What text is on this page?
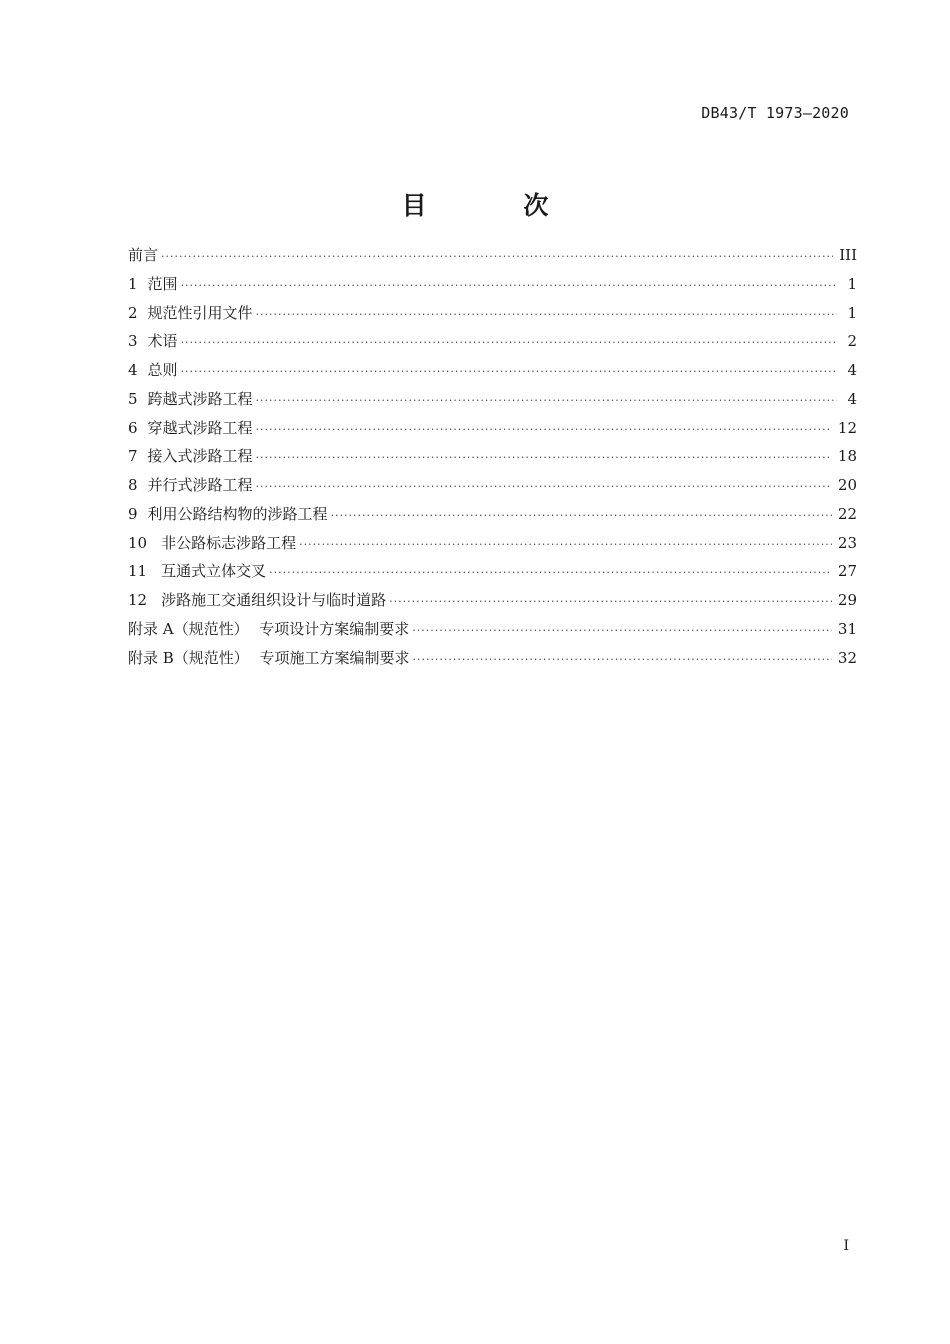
DB43/T 1973—2020
目 次
前言 ·····	III
1 范围 ·····	1
2 规范性引用文件 ·····	1
3 术语 ·····	2
4 总则 ·····	4
5 跨越式涉路工程 ·····	4
6 穿越式涉路工程 ·····	12
7 接入式涉路工程 ·····	18
8 并行式涉路工程 ·····	20
9 利用公路结构物的涉路工程 ·····	22
10 非公路标志涉路工程 ·····	23
11 互通式立体交叉 ·····	27
12 涉路施工交通组织设计与临时道路 ·····	29
附录 A（规范性） 专项设计方案编制要求 ·····	31
附录 B（规范性） 专项施工方案编制要求 ·····	32
I
